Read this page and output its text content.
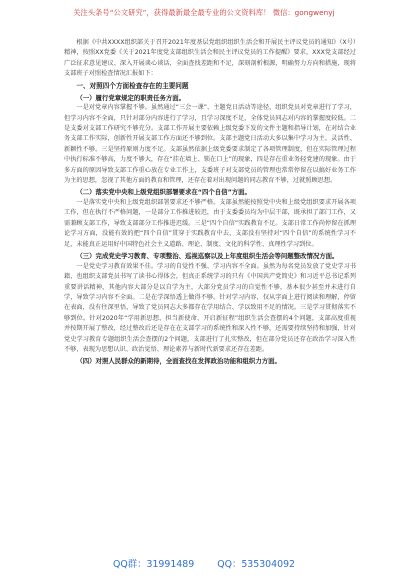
关注头条号“公文研究”，获得最新最全最专业的公文资料库！ 微信：gongwenyj

根据《中共XXXX组织部关于召开2021年度基层党组织组织生活会和开展民主评议党员的通知》（X号）精神，按照XX党委《关于2021年度党支部组织生活会和民主评议党员的工作提醒》要求，XXX党支部经过广泛征求意见建议、深入开展谈心谈话，全面查找差距和不足，深刻剖析根源，明确努力方向和措施，现将支部班子对照检查情况汇报如下：

一、对照四个方面检查存在的主要问题

（一）履行党章规定的职责任务方面。

一是对党章内容掌握不够。虽然通过“三会一课”、主题党日活动等途径，组织党员对党章进行了学习，但学习内容不全面，只针对部分内容进行了学习，且学习深度不足，全体党员同志对内容的掌握度较低。二是支委对支部工作研究不够充分。支部工作开展主要依赖上级党委下发的文件主题和指导计划，在对结合业务支部工作实际，创新性开展支部工作方面还不够到位。支部主题党日活动大多以集中学习为主，灵活性、新颖性不够。三是坚持原则力度不足。支部虽然依据上级党委要求制定了各项管理制度，但在实际管理过程中执行标准不够高，力度不够大，存在“挂在墙上、锁在口上”的现象，四是存在重业务轻党建的现象。由于多方面的原因导致支部工作重心放在专业工作上，支委班子对支部党员的管理也常常停留在以搞好业务工作为主的思想，忽视了其他方面的教育和管理，还存在着对出现问题的同志教育不够，过就照顾思想。

（二）落实党中央和上级党组织部署要求在“四个自信”方面。

一是落实党中央和上级党组织部署要求还不够严格。支部虽然能按照党中央和上级党组织要求开展各项工作，但在执行不严格问题，一是部分工作推进较迟，由于支委委员均为中层干部，既承担了部门工作，又需兼顾支部工作，导致支部部分工作推进迟缓。三是“四个自信”实践教育不足。支部日常工作尚停留在抓理论学习方面，没能有效的把“四个自信”贯穿于实践教育中去，支部没有坚持对“四个自信”的系统性学习不足，未能真正运用好中国特色社会主义道路、理论、制度、文化的科学性、真理性学习到位。

（三）完成党史学习教育、专项整治、巡视巡察以及上年度组织生活会等问题整改情况方面。

一是党史学习教育效果不佳。学习的自觉性不强、学习内容不全面。虽然为每名党员发放了党史学习书籍，也组织支部党员书写了读书心得体会，但真正系统学习的只有《中国共产党简史》和习近平总书记系列重要讲话精神，其他内容大部分是以自学为主，大部分党员学习的自觉性不够，基本很少甚至并未进行自学，导致学习内容不全面。二是在学深悟透上做得不够。针对学习内容，仅从字面上进行阅读和理解，停留在表面，没有往深里悟，导致了党员同志大多都存在学用结合、学以致用不足的情况。三是学习贯彻落实不够到位。针对2020年“学用新思想、担当新使命、开启新征程”组织生活会查摆的4个问题，支部高度重视并按期开展了整改，经过整改后还是存在在支部学习的系统性和深入性不够，还需要持续坚持和加强，针对党史学习教育专题组织生活会查摆的2个问题，支部进行了扎实整改，但在部分党员还存在政治学习深入性不够，表现为思想认识、政治觉悟、理论素养与新时代新要求还存在差距。

（四）对照人民群众的新期待，全面查找在发挥政治功能和组织力方面。

QQ群：31991489 QQ：535304092
